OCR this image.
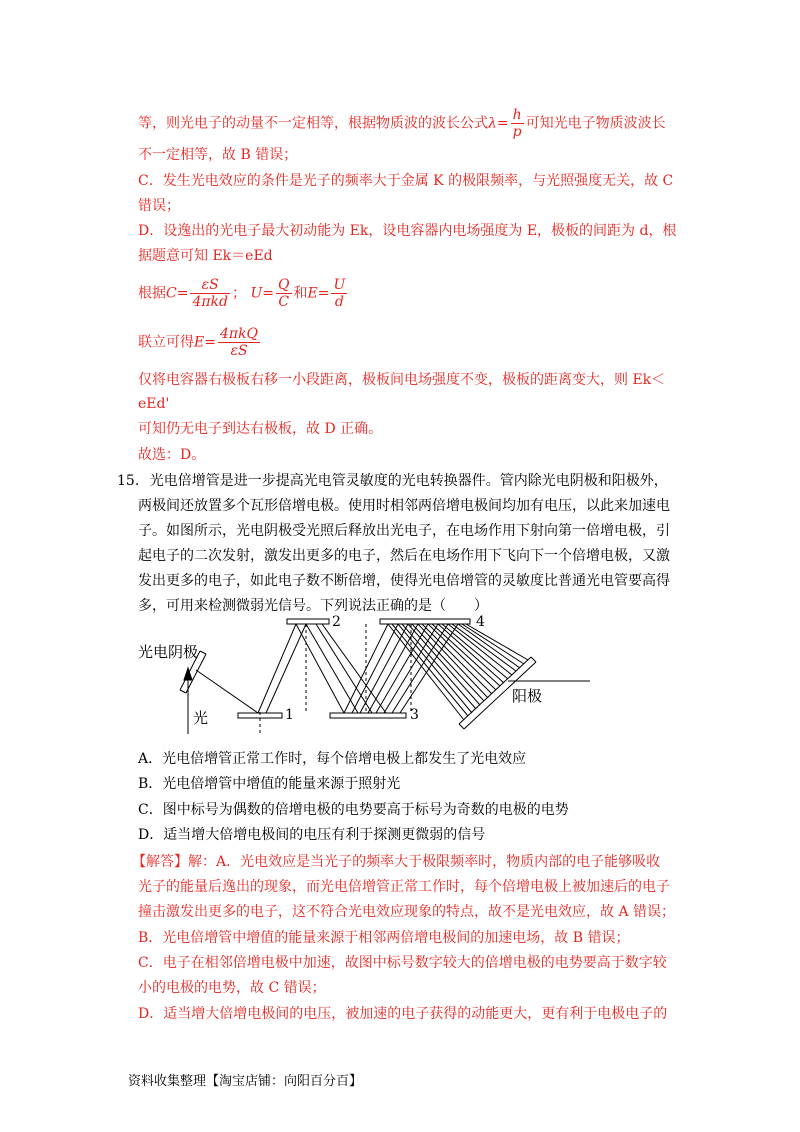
等，则光电子的动量不一定相等，根据物质波的波长公式$\lambda= \frac{h}{p}$ 可知光电子物质波波长
不一定相等，故 B 错误；
C．发生光电效应的条件是光子的频率大于金属 K 的极限频率，与光照强度无关，故 C
错误；
D．设逸出的光电子最大初动能为 Ek，设电容器内电场强度为 E，极板的间距为 d，根
据题意可知 Ek＝eEd
根据$C= \frac{\varepsilon S}{\text{4πkd}}$ ； $U= \frac{Q}{C}$ 和$E= \frac{U}{d}$
联立可得$E= \frac{\text{4πkQ}}{\varepsilon S}$
仅将电容器右极板右移一小段距离，极板间电场强度不变，极板的距离变大，则 Ek＜
eEd'
可知仍无电子到达右极板，故 D 正确。
故选：D。
15. 光电倍增管是进一步提高光电管灵敏度的光电转换器件。管内除光电阴极和阳极外，
两极间还放置多个瓦形倍增电极。使用时相邻两倍增电极间均加有电压，以此来加速电
子。如图所示，光电阴极受光照后释放出光电子，在电场作用下射向第一倍增电极，引
起电子的二次发射，激发出更多的电子，然后在电场作用下飞向下一个倍增电极，又激
发出更多的电子，如此电子数不断倍增，使得光电倍增管的灵敏度比普通光电管要高得
多，可用来检测微弱光信号。下列说法正确的是（　　）
光电阴极
光
阳极
1
2
3
4
A．光电倍增管正常工作时，每个倍增电极上都发生了光电效应
B．光电倍增管中增值的能量来源于照射光
C．图中标号为偶数的倍增电极的电势要高于标号为奇数的电极的电势
D．适当增大倍增电极间的电压有利于探测更微弱的信号
【解答】解：A．光电效应是当光子的频率大于极限频率时，物质内部的电子能够吸收
光子的能量后逸出的现象，而光电倍增管正常工作时，每个倍增电极上被加速后的电子
撞击激发出更多的电子，这不符合光电效应现象的特点，故不是光电效应，故 A 错误；
B．光电倍增管中增值的能量来源于相邻两倍增电极间的加速电场，故 B 错误；
C．电子在相邻倍增电极中加速，故图中标号数字较大的倍增电极的电势要高于数字较
小的电极的电势，故 C 错误；
D．适当增大倍增电极间的电压，被加速的电子获得的动能更大，更有利于电极电子的
资料收集整理【淘宝店铺：向阳百分百】
